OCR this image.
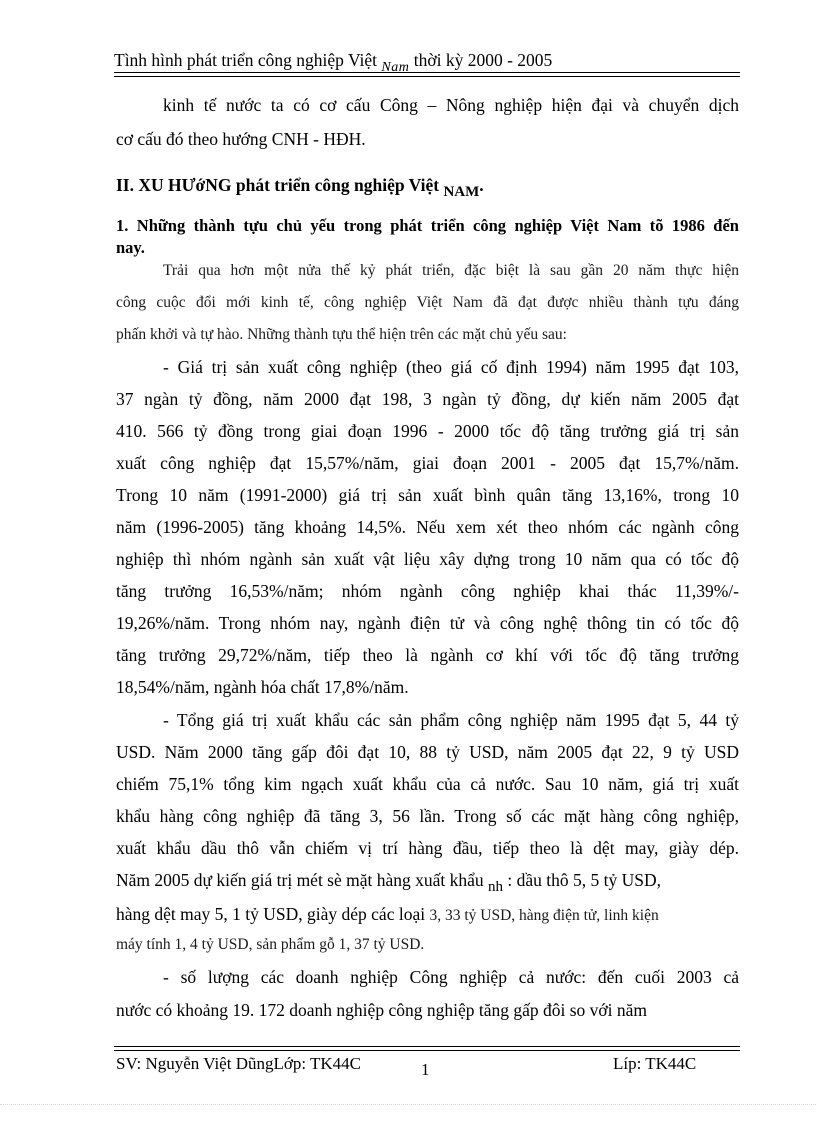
Tình hình phát triển công nghiệp Việt $_{Nam}$ thời kỳ 2000 - 2005
kinh tế nước ta có cơ cấu Công – Nông nghiệp hiện đại và chuyển dịch
cơ cấu đó theo hướng CNH - HĐH.
II. XU HƯớNG phát triển công nghiệp Việt NAM.
1. Những thành tựu chủ yếu trong phát triển công nghiệp Việt Nam tõ 1986 đến
nay.
Trải qua hơn một nửa thế kỷ phát triển, đặc biệt là sau gần 20 năm thực hiện
công cuộc đổi mới kinh tế, công nghiệp Việt Nam đã đạt được nhiều thành tựu đáng
phấn khởi và tự hào. Những thành tựu thể hiện trên các mặt chủ yếu sau:
- Giá trị sản xuất công nghiệp (theo giá cố định 1994) năm 1995 đạt 103,
37 ngàn tỷ đồng, năm 2000 đạt 198, 3 ngàn tỷ đồng, dự kiến năm 2005 đạt
410. 566 tỷ đồng trong giai đoạn 1996 - 2000 tốc độ tăng trưởng giá trị sản
xuất công nghiệp đạt 15,57%/năm, giai đoạn 2001 - 2005 đạt 15,7%/năm.
Trong 10 năm (1991-2000) giá trị sản xuất bình quân tăng 13,16%, trong 10
năm (1996-2005) tăng khoảng 14,5%. Nếu xem xét theo nhóm các ngành công
nghiệp thì nhóm ngành sản xuất vật liệu xây dựng trong 10 năm qua có tốc độ
tăng trưởng 16,53%/năm; nhóm ngành công nghiệp khai thác 11,39%/-
19,26%/năm. Trong nhóm nay, ngành điện tử và công nghệ thông tin có tốc độ
tăng trưởng 29,72%/năm, tiếp theo là ngành cơ khí với tốc độ tăng trưởng
18,54%/năm, ngành hóa chất 17,8%/năm.
- Tổng giá trị xuất khẩu các sản phẩm công nghiệp năm 1995 đạt 5, 44 tỷ
USD. Năm 2000 tăng gấp đôi đạt 10, 88 tỷ USD, năm 2005 đạt 22, 9 tỷ USD
chiếm 75,1% tổng kim ngạch xuất khẩu của cả nước. Sau 10 năm, giá trị xuất
khẩu hàng công nghiệp đã tăng 3, 56 lần. Trong số các mặt hàng công nghiệp,
xuất khẩu dầu thô vẫn chiếm vị trí hàng đầu, tiếp theo là dệt may, giày dép.
Năm 2005 dự kiến giá trị mét sè mặt hàng xuất khẩu nh : dầu thô 5, 5 tỷ USD,
hàng dệt may 5, 1 tỷ USD, giày dép các loại 3, 33 tỷ USD, hàng điện tử, linh kiện
máy tính 1, 4 tỷ USD, sản phẩm gỗ 1, 37 tỷ USD.
- số lượng các doanh nghiệp Công nghiệp cả nước: đến cuối 2003 cả
nước có khoảng 19. 172 doanh nghiệp công nghiệp tăng gấp đôi so với năm
SV: Nguyễn Việt DũngLớp: TK44C	1	Líp: TK44C
